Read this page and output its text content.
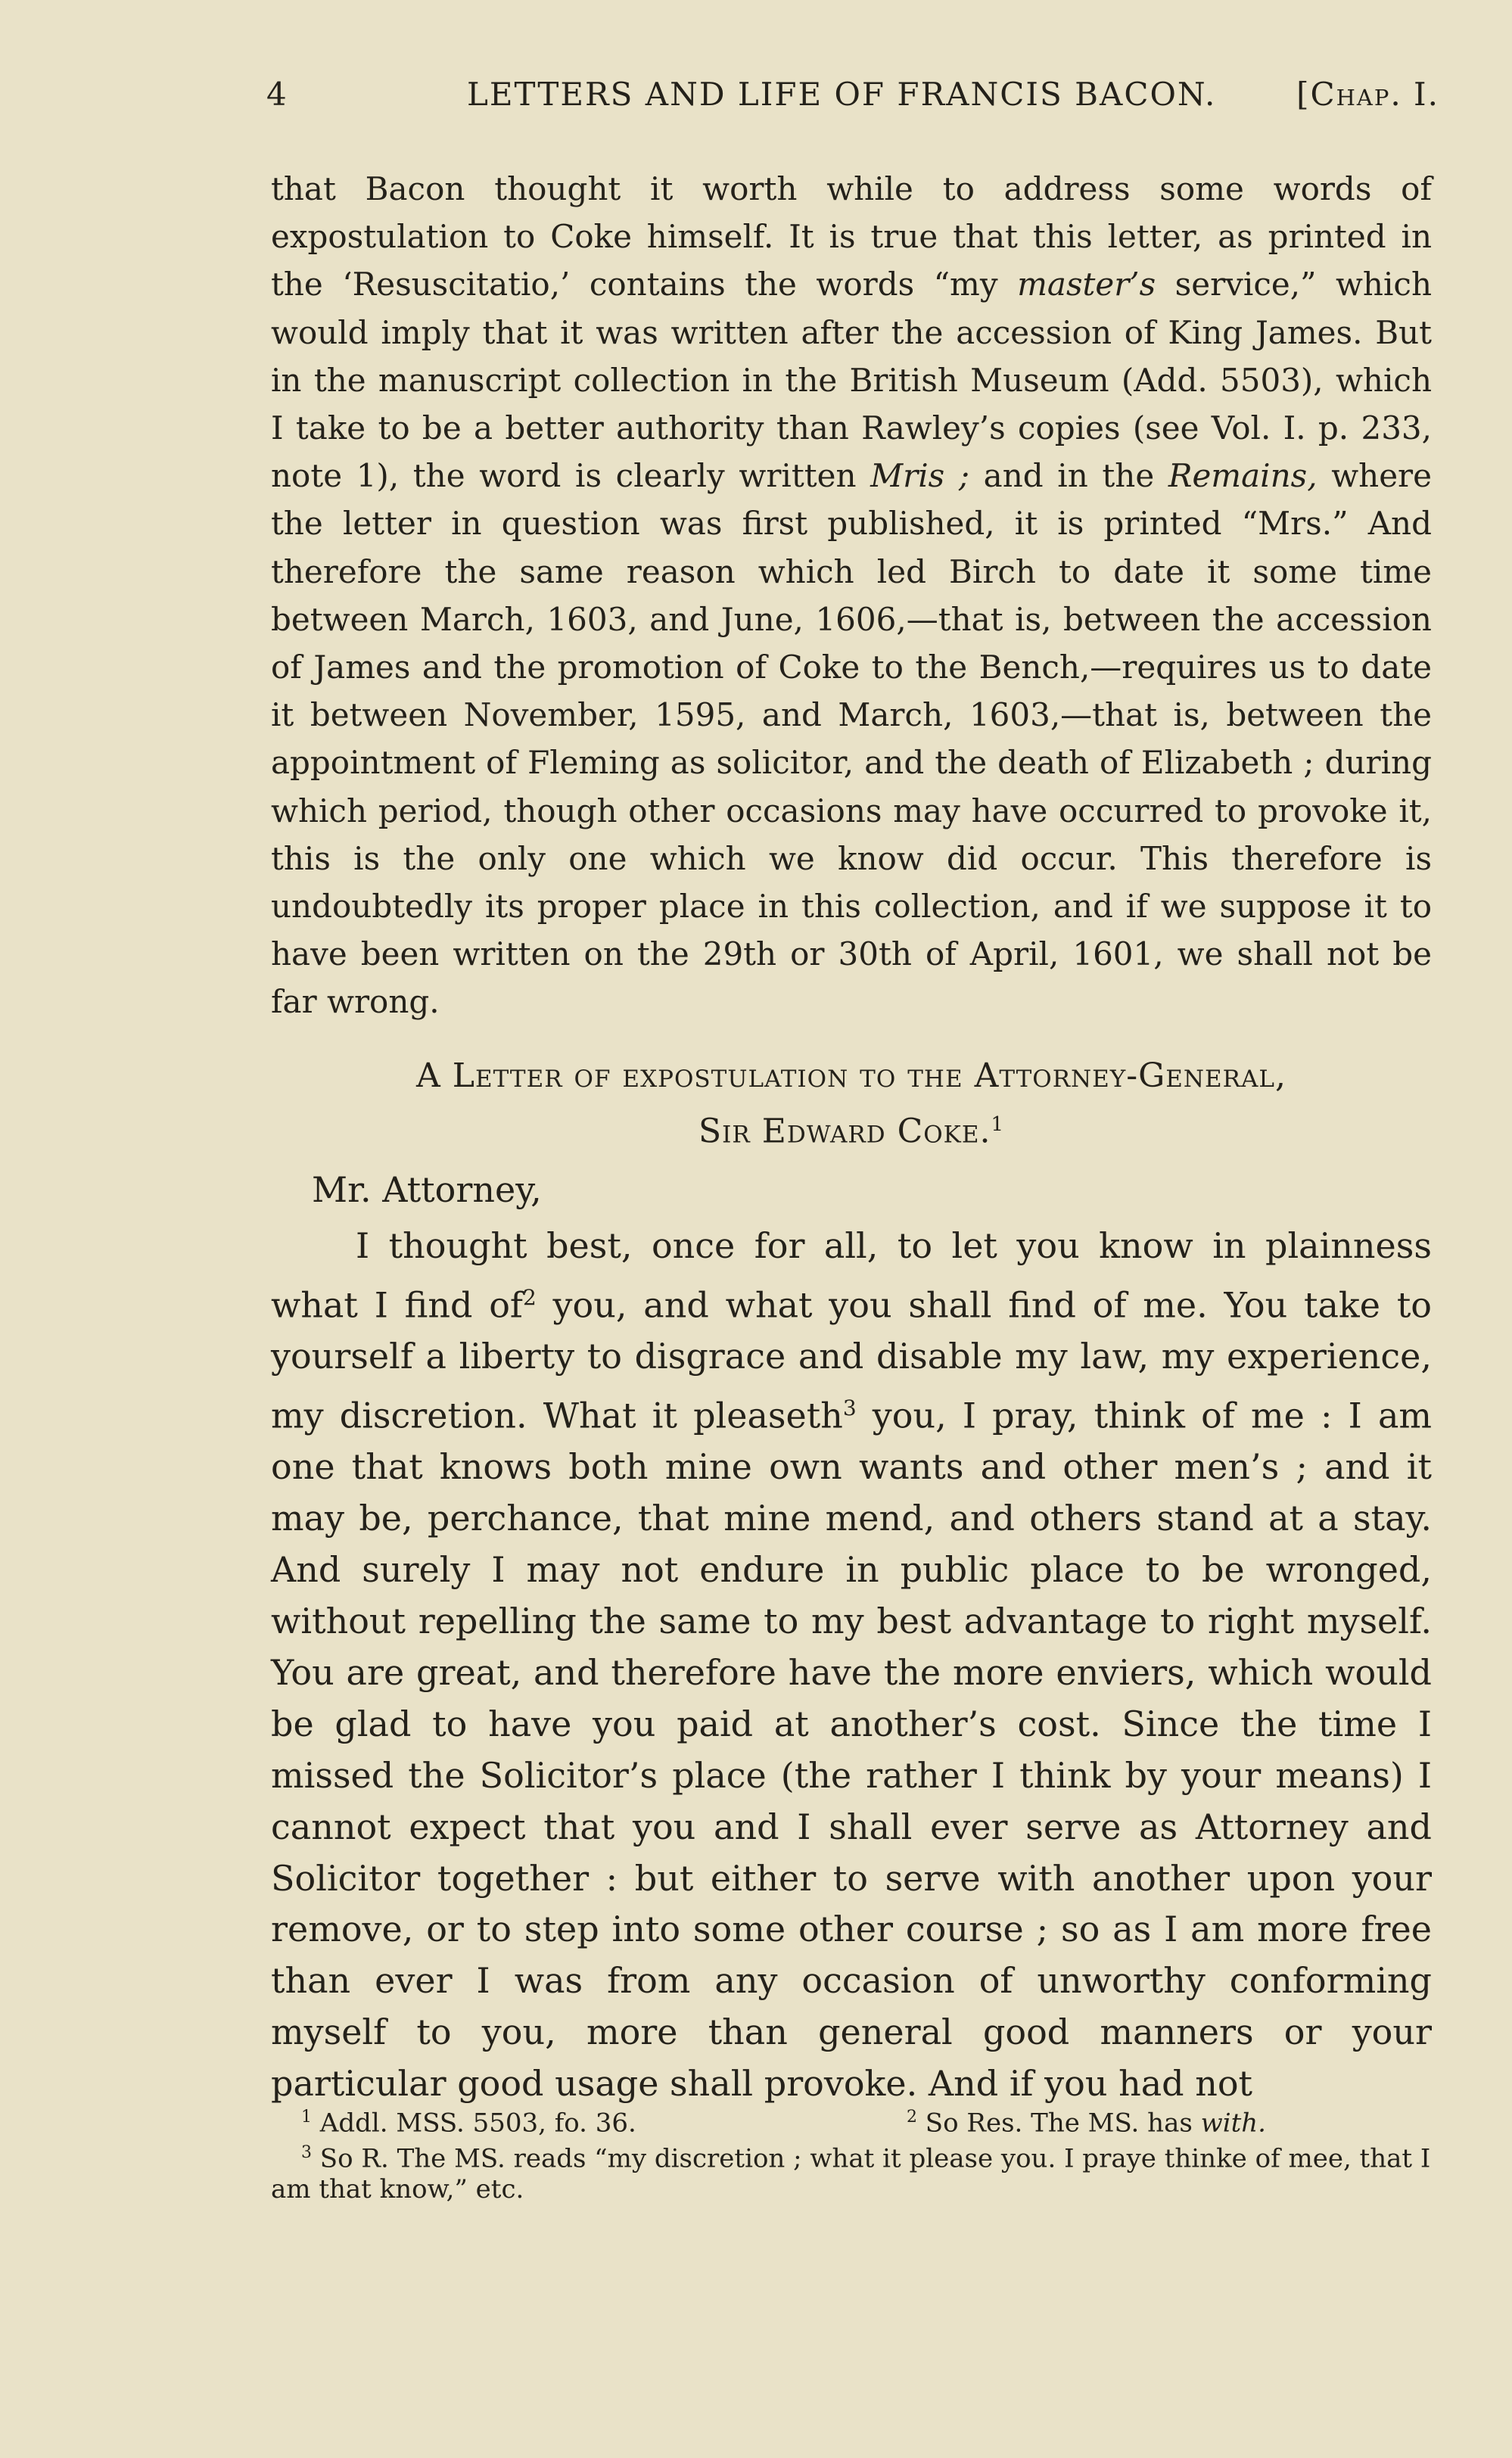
4	LETTERS AND LIFE OF FRANCIS BACON.	[Chap. I.
that Bacon thought it worth while to address some words of expostulation to Coke himself. It is true that this letter, as printed in the ‘Resuscitatio,’ contains the words “my master’s service,” which would imply that it was written after the accession of King James. But in the manuscript collection in the British Museum (Add. 5503), which I take to be a better authority than Rawley’s copies (see Vol. I. p. 233, note 1), the word is clearly written Mris ; and in the Remains, where the letter in question was first published, it is printed “Mrs.” And therefore the same reason which led Birch to date it some time between March, 1603, and June, 1606,—that is, between the accession of James and the promotion of Coke to the Bench,—requires us to date it between November, 1595, and March, 1603,—that is, between the appointment of Fleming as solicitor, and the death of Elizabeth ; during which period, though other occasions may have occurred to provoke it, this is the only one which we know did occur. This therefore is undoubtedly its proper place in this collection, and if we suppose it to have been written on the 29th or 30th of April, 1601, we shall not be far wrong.
A Letter of expostulation to the Attorney-General,
Sir Edward Coke.$^1$
Mr. Attorney,
I thought best, once for all, to let you know in plainness what I find $of^2$ you, and what you shall find of me. You take to yourself a liberty to disgrace and disable my law, my experience, my discretion. What it pleaseth$^3$ you, I pray, think of me : I am one that knows both mine own wants and other men’s ; and it may be, perchance, that mine mend, and others stand at a stay. And surely I may not endure in public place to be wronged, without repelling the same to my best advantage to right myself. You are great, and therefore have the more enviers, which would be glad to have you paid at another’s cost. Since the time I missed the Solicitor’s place (the rather I think by your means) I cannot expect that you and I shall ever serve as Attorney and Solicitor together : but either to serve with another upon your remove, or to step into some other course ; so as I am more free than ever I was from any occasion of unworthy conforming myself to you, more than general good manners or your particular good usage shall provoke. And if you had not
$^1$ Addl. MSS. 5503, fo. 36.	$^2$ So Res. The MS. has with.
$^3$ So R. The MS. reads “my discretion ; what it please you. I praye thinke of mee, that I am that know,” etc.
